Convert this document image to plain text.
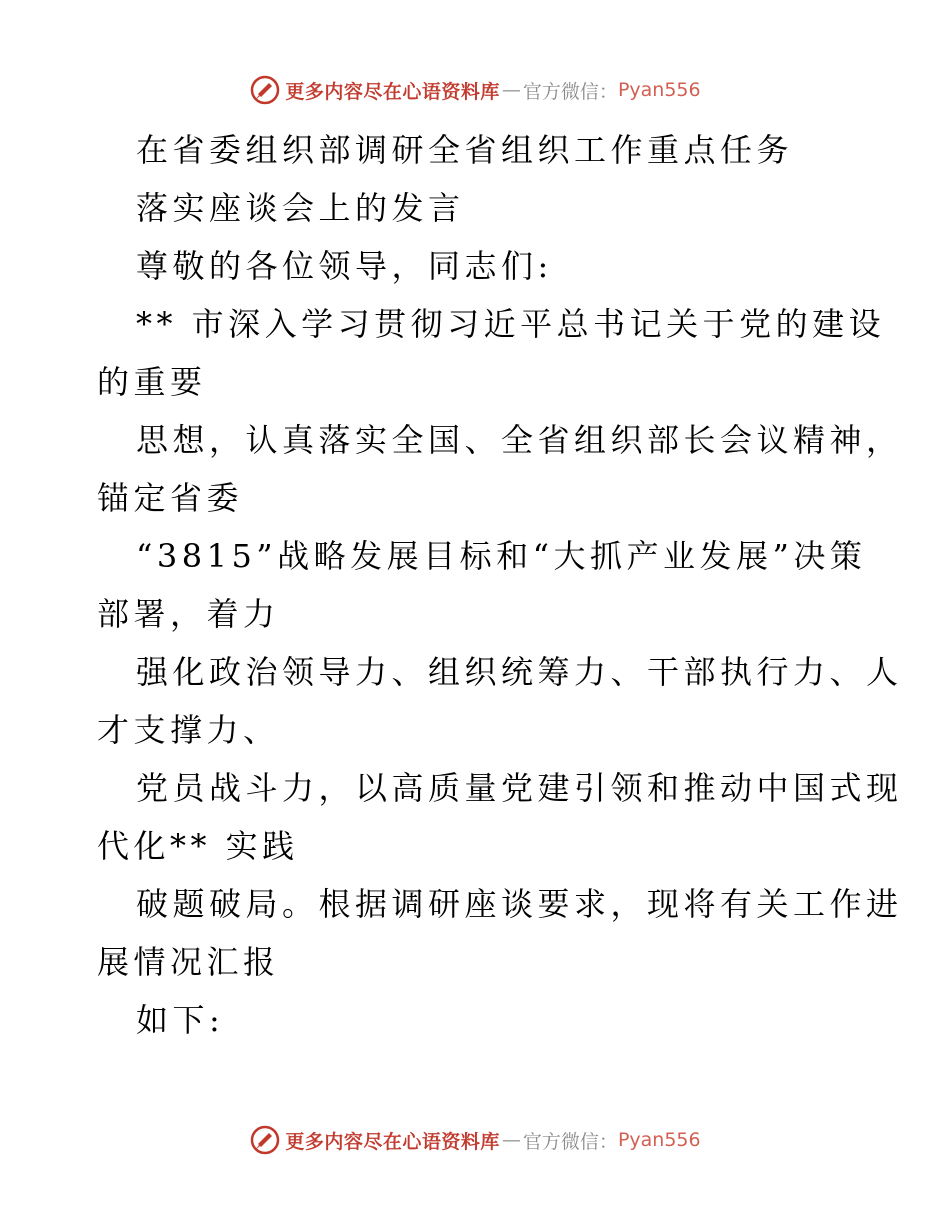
更多内容尽在心语资料库 — 官方微信： Pyan556
在省委组织部调研全省组织工作重点任务
落实座谈会上的发言
尊敬的各位领导，同志们:
** 市深入学习贯彻习近平总书记关于党的建设
的重要
思想，认真落实全国、全省组织部长会议精神，
锚定省委
“3815”战略发展目标和“大抓产业发展”决策
部署，着力
强化政治领导力、组织统筹力、干部执行力、人
才支撑力、
党员战斗力，以高质量党建引领和推动中国式现
代化** 实践
破题破局。根据调研座谈要求，现将有关工作进
展情况汇报
如下:
更多内容尽在心语资料库 — 官方微信： Pyan556
